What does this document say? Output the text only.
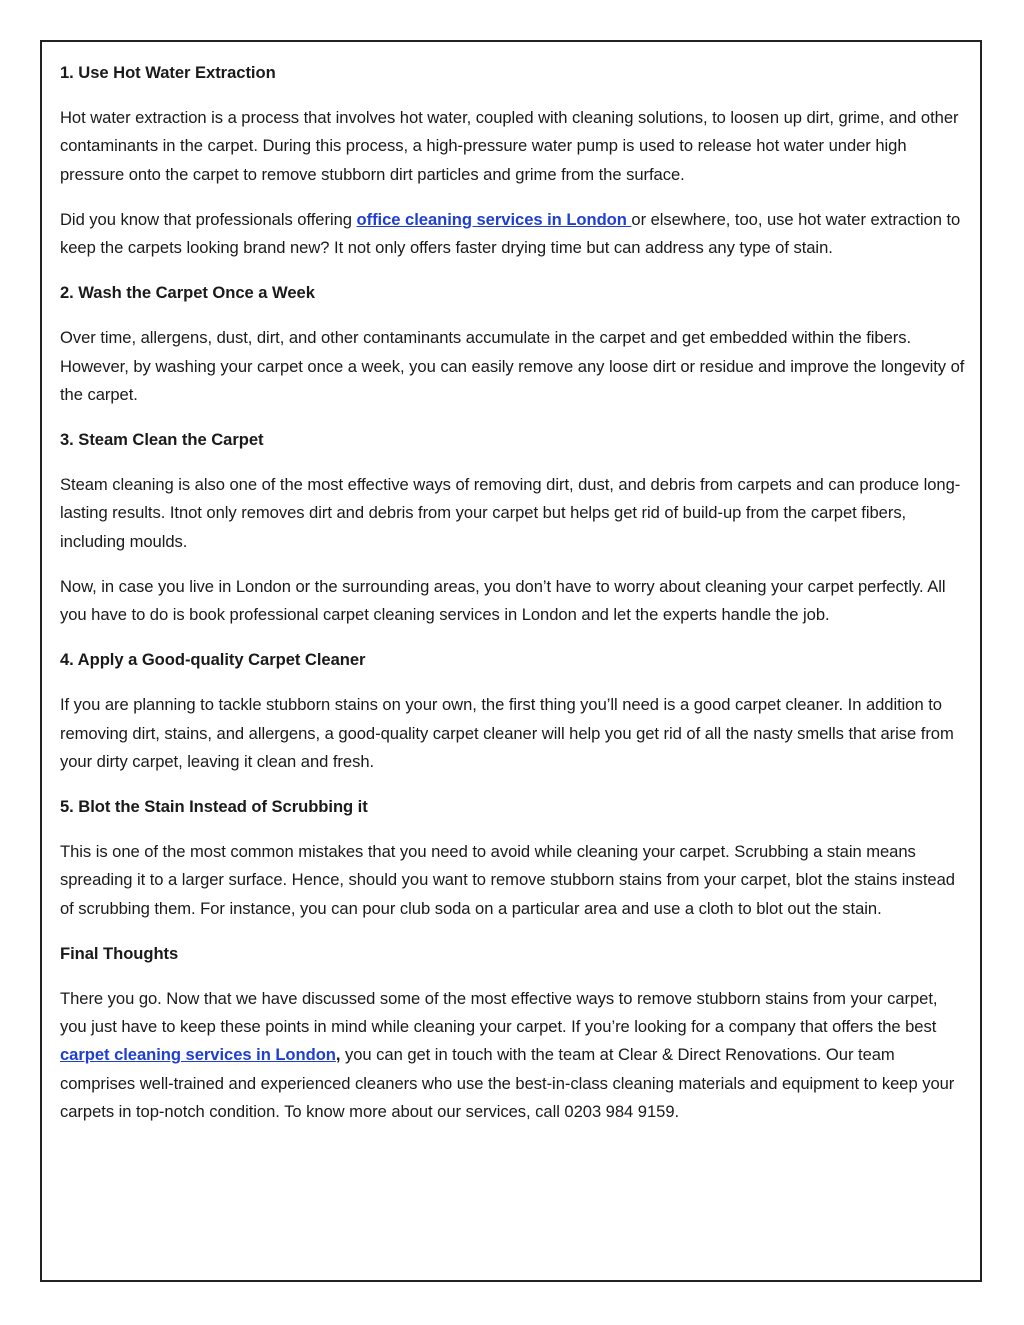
1. Use Hot Water Extraction

Hot water extraction is a process that involves hot water, coupled with cleaning solutions, to loosen up dirt, grime, and other contaminants in the carpet. During this process, a high-pressure water pump is used to release hot water under high pressure onto the carpet to remove stubborn dirt particles and grime from the surface.

Did you know that professionals offering office cleaning services in London or elsewhere, too, use hot water extraction to keep the carpets looking brand new? It not only offers faster drying time but can address any type of stain.

2. Wash the Carpet Once a Week

Over time, allergens, dust, dirt, and other contaminants accumulate in the carpet and get embedded within the fibers. However, by washing your carpet once a week, you can easily remove any loose dirt or residue and improve the longevity of the carpet.

3. Steam Clean the Carpet

Steam cleaning is also one of the most effective ways of removing dirt, dust, and debris from carpets and can produce long-lasting results. Itnot only removes dirt and debris from your carpet but helps get rid of build-up from the carpet fibers, including moulds.

Now, in case you live in London or the surrounding areas, you don’t have to worry about cleaning your carpet perfectly. All you have to do is book professional carpet cleaning services in London and let the experts handle the job.

4. Apply a Good-quality Carpet Cleaner

If you are planning to tackle stubborn stains on your own, the first thing you’ll need is a good carpet cleaner. In addition to removing dirt, stains, and allergens, a good-quality carpet cleaner will help you get rid of all the nasty smells that arise from your dirty carpet, leaving it clean and fresh.

5. Blot the Stain Instead of Scrubbing it

This is one of the most common mistakes that you need to avoid while cleaning your carpet. Scrubbing a stain means spreading it to a larger surface. Hence, should you want to remove stubborn stains from your carpet, blot the stains instead of scrubbing them. For instance, you can pour club soda on a particular area and use a cloth to blot out the stain.

Final Thoughts

There you go. Now that we have discussed some of the most effective ways to remove stubborn stains from your carpet, you just have to keep these points in mind while cleaning your carpet. If you’re looking for a company that offers the best carpet cleaning services in London, you can get in touch with the team at Clear & Direct Renovations. Our team comprises well-trained and experienced cleaners who use the best-in-class cleaning materials and equipment to keep your carpets in top-notch condition. To know more about our services, call 0203 984 9159.
